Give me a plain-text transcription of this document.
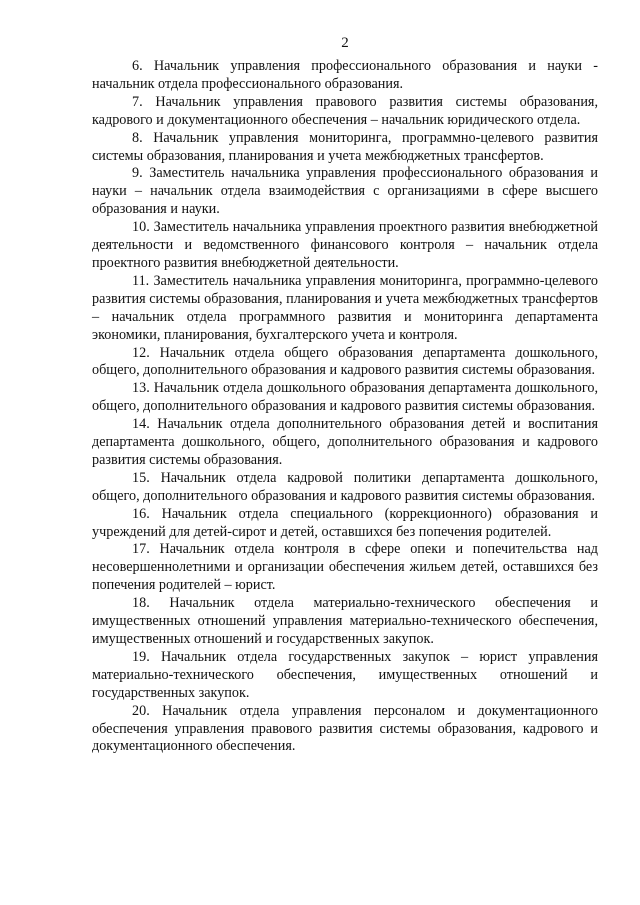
2

6. Начальник управления профессионального образования и науки - начальник отдела профессионального образования.

7. Начальник управления правового развития системы образования, кадрового и документационного обеспечения – начальник юридического отдела.

8. Начальник управления мониторинга, программно-целевого развития системы образования, планирования и учета межбюджетных трансфертов.

9. Заместитель начальника управления профессионального образования и науки – начальник отдела взаимодействия с организациями в сфере высшего образования и науки.

10. Заместитель начальника управления проектного развития внебюджетной деятельности и ведомственного финансового контроля – начальник отдела проектного развития внебюджетной деятельности.

11. Заместитель начальника управления мониторинга, программно-целевого развития системы образования, планирования и учета межбюджетных трансфертов – начальник отдела программного развития и мониторинга департамента экономики, планирования, бухгалтерского учета и контроля.

12. Начальник отдела общего образования департамента дошкольного, общего, дополнительного образования и кадрового развития системы образования.

13. Начальник отдела дошкольного образования департамента дошкольного, общего, дополнительного образования и кадрового развития системы образования.

14. Начальник отдела дополнительного образования детей и воспитания департамента дошкольного, общего, дополнительного образования и кадрового развития системы образования.

15. Начальник отдела кадровой политики департамента дошкольного, общего, дополнительного образования и кадрового развития системы образования.

16. Начальник отдела специального (коррекционного) образования и учреждений для детей-сирот и детей, оставшихся без попечения родителей.

17. Начальник отдела контроля в сфере опеки и попечительства над несовершеннолетними и организации обеспечения жильем детей, оставшихся без попечения родителей – юрист.

18. Начальник отдела материально-технического обеспечения и имущественных отношений управления материально-технического обеспечения, имущественных отношений и государственных закупок.

19. Начальник отдела государственных закупок – юрист управления материально-технического обеспечения, имущественных отношений и государственных закупок.

20. Начальник отдела управления персоналом и документационного обеспечения управления правового развития системы образования, кадрового и документационного обеспечения.
